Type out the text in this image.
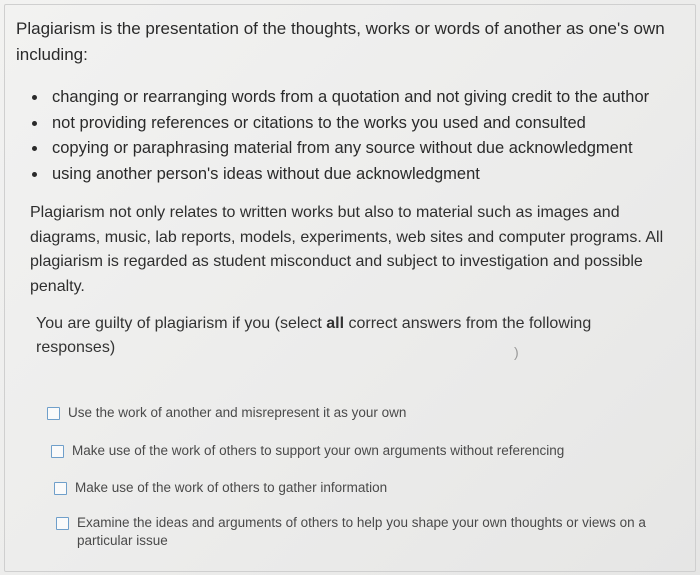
Plagiarism is the presentation of the thoughts, works or words of another as one's own including:
changing or rearranging words from a quotation and not giving credit to the author
not providing references or citations to the works you used and consulted
copying or paraphrasing material from any source without due acknowledgment
using another person's ideas without due acknowledgment
Plagiarism not only relates to written works but also to material such as images and diagrams, music, lab reports, models, experiments, web sites and computer programs. All plagiarism is regarded as student misconduct and subject to investigation and possible penalty.
You are guilty of plagiarism if you (select all correct answers from the following responses)	)
Use the work of another and misrepresent it as your own
Make use of the work of others to support your own arguments without referencing
Make use of the work of others to gather information
Examine the ideas and arguments of others to help you shape your own thoughts or views on a particular issue
